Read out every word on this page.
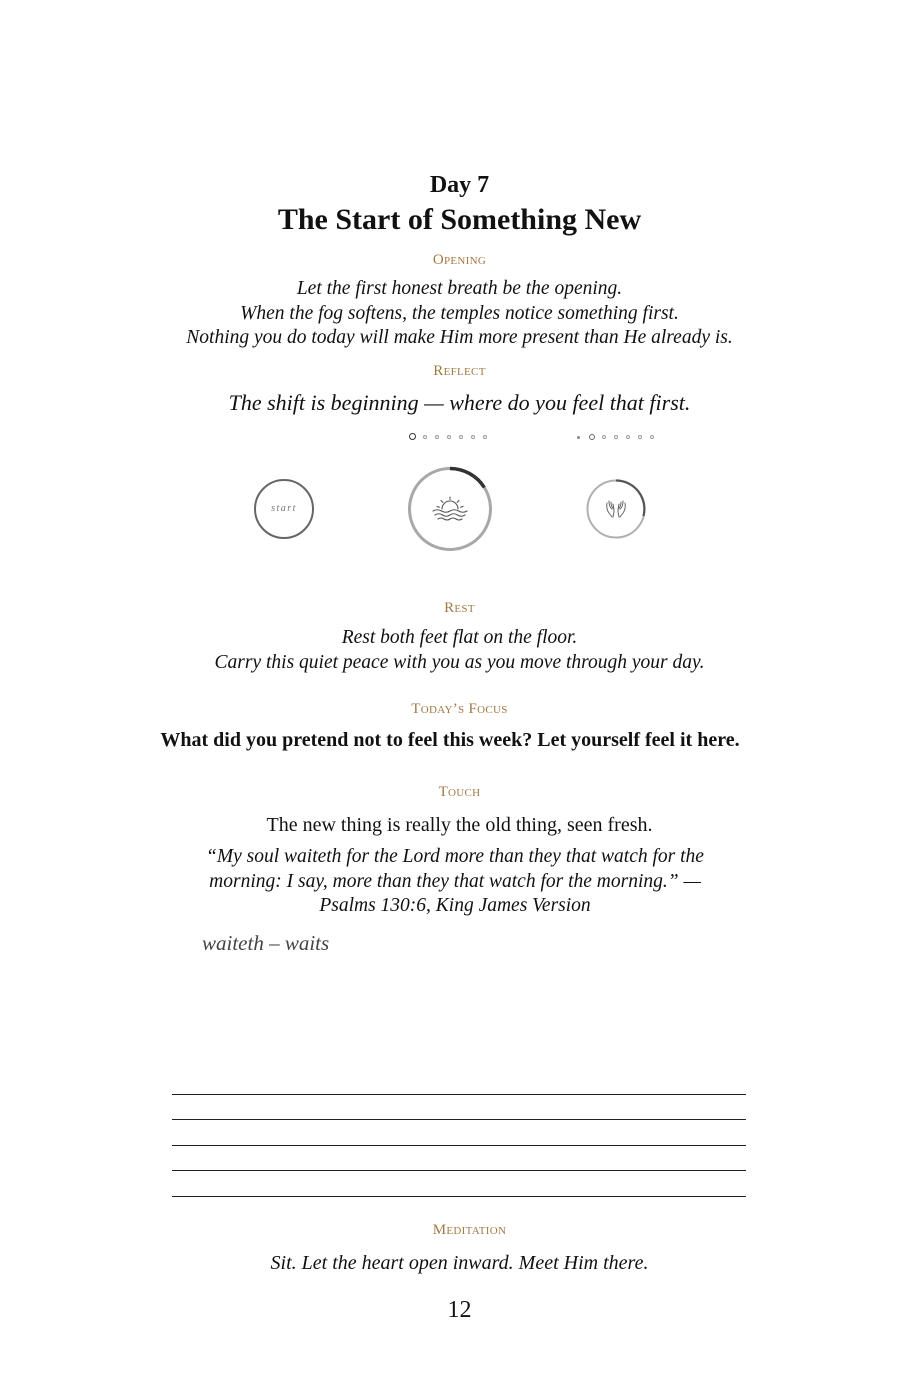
Day 7
The Start of Something New
Opening
Let the first honest breath be the opening.
When the fog softens, the temples notice something first.
Nothing you do today will make Him more present than He already is.
Reflect
The shift is beginning — where do you feel that first.
start
Rest
Rest both feet flat on the floor.
Carry this quiet peace with you as you move through your day.
Today’s Focus
What did you pretend not to feel this week? Let yourself feel it here.
Touch
The new thing is really the old thing, seen fresh.
“My soul waiteth for the Lord more than they that watch for the morning: I say, more than they that watch for the morning.” — Psalms 130:6, King James Version
waiteth – waits
Meditation
Sit. Let the heart open inward. Meet Him there.
12
